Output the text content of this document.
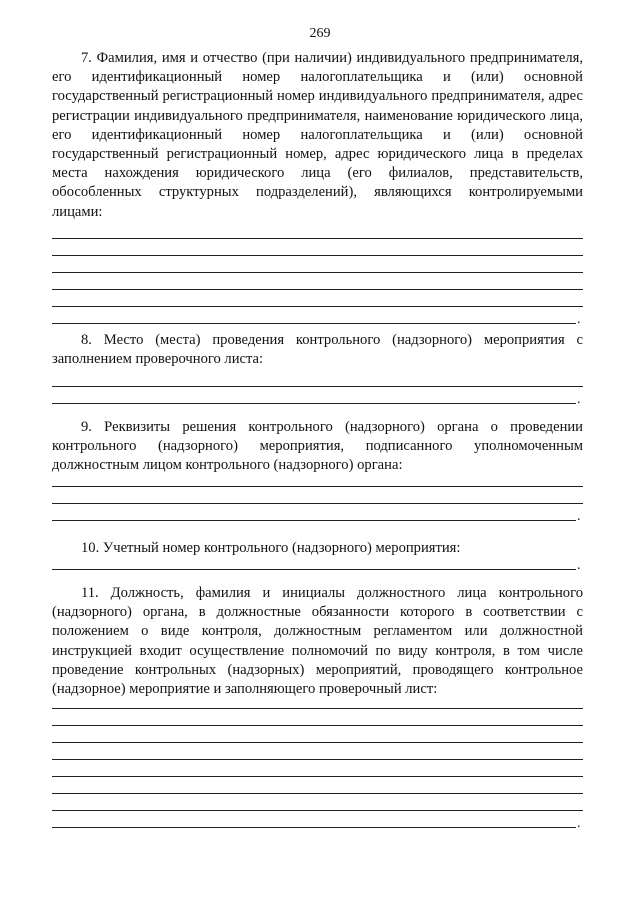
269

7. Фамилия, имя и отчество (при наличии) индивидуального предпринимателя, его идентификационный номер налогоплательщика и (или) основной государственный регистрационный номер индивидуального предпринимателя, адрес регистрации индивидуального предпринимателя, наименование юридического лица, его идентификационный номер налогоплательщика и (или) основной государственный регистрационный номер, адрес юридического лица в пределах места нахождения юридического лица (его филиалов, представительств, обособленных структурных подразделений), являющихся контролируемыми лицами:

.

8. Место (места) проведения контрольного (надзорного) мероприятия с заполнением проверочного листа:

.

9. Реквизиты решения контрольного (надзорного) органа о проведении контрольного (надзорного) мероприятия, подписанного уполномоченным должностным лицом контрольного (надзорного) органа:

.

10. Учетный номер контрольного (надзорного) мероприятия:

.

11. Должность, фамилия и инициалы должностного лица контрольного (надзорного) органа, в должностные обязанности которого в соответствии с положением о виде контроля, должностным регламентом или должностной инструкцией входит осуществление полномочий по виду контроля, в том числе проведение контрольных (надзорных) мероприятий, проводящего контрольное (надзорное) мероприятие и заполняющего проверочный лист:

.
